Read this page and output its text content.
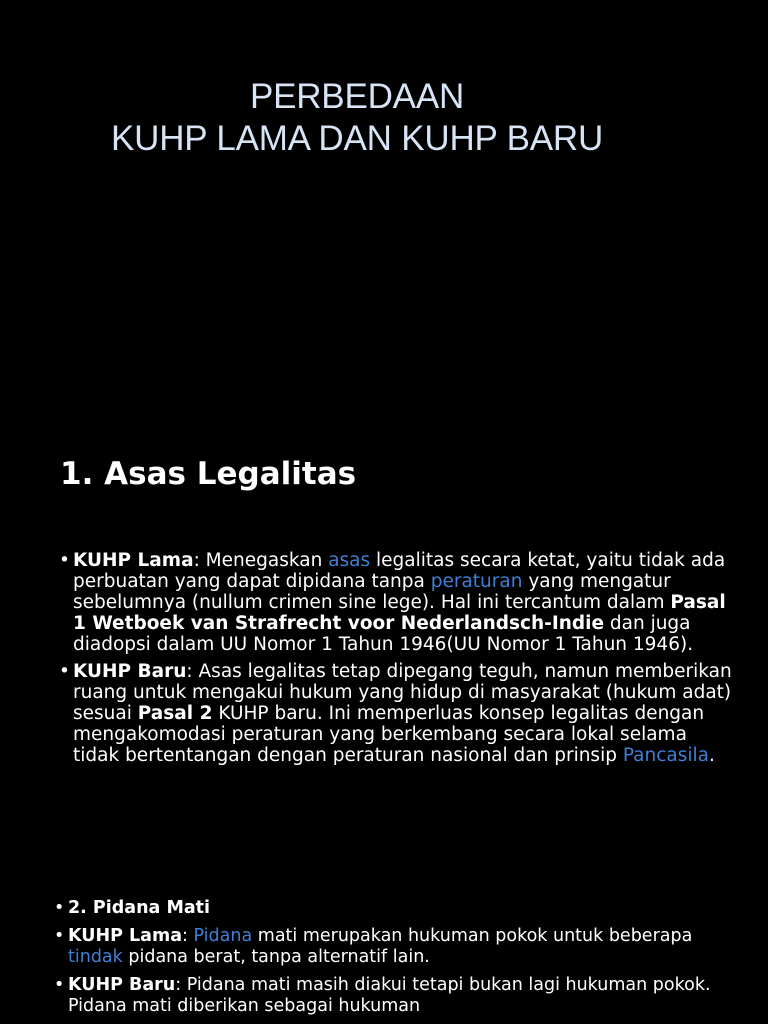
PERBEDAAN
KUHP LAMA DAN KUHP BARU
1. Asas Legalitas
• KUHP Lama: Menegaskan asas legalitas secara ketat, yaitu tidak ada perbuatan yang dapat dipidana tanpa peraturan yang mengatur sebelumnya (nullum crimen sine lege). Hal ini tercantum dalam Pasal 1 Wetboek van Strafrecht voor Nederlandsch-Indie dan juga diadopsi dalam UU Nomor 1 Tahun 1946(UU Nomor 1 Tahun 1946).
• KUHP Baru: Asas legalitas tetap dipegang teguh, namun memberikan ruang untuk mengakui hukum yang hidup di masyarakat (hukum adat) sesuai Pasal 2 KUHP baru. Ini memperluas konsep legalitas dengan mengakomodasi peraturan yang berkembang secara lokal selama tidak bertentangan dengan peraturan nasional dan prinsip Pancasila.
• 2. Pidana Mati
• KUHP Lama: Pidana mati merupakan hukuman pokok untuk beberapa tindak pidana berat, tanpa alternatif lain.
• KUHP Baru: Pidana mati masih diakui tetapi bukan lagi hukuman pokok. Pidana mati diberikan sebagai hukuman
